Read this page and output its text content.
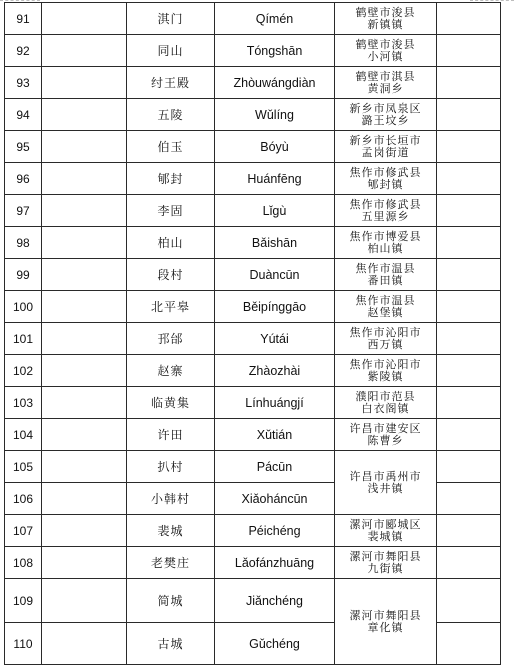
91		淇门	Qímén	鹤壁市浚县
新镇镇	

92		同山	Tóngshān	鹤壁市浚县
小河镇	

93		纣王殿	Zhòuwángdiàn	鹤壁市淇县
黄洞乡	

94		五陵	Wǔlíng	新乡市凤泉区
潞王坟乡	

95		伯玉	Bóyù	新乡市长垣市
孟岗街道	

96		郇封	Huánfēng	焦作市修武县
郇封镇	

97		李固	Lǐgù	焦作市修武县
五里源乡	

98		柏山	Bǎishān	焦作市博爱县
柏山镇	

99		段村	Duàncūn	焦作市温县
番田镇	

100		北平皋	Běipínggāo	焦作市温县
赵堡镇	

101		邘邰	Yútái	焦作市沁阳市
西万镇	

102		赵寨	Zhàozhài	焦作市沁阳市
紫陵镇	

103		临黄集	Línhuángjí	濮阳市范县
白衣阁镇	

104		许田	Xǔtián	许昌市建安区
陈曹乡	

105		扒村	Pácūn	许昌市禹州市
浅井镇	

106		小韩村	Xiǎoháncūn		
107		裴城	Péichéng	漯河市郾城区
裴城镇	

108		老樊庄	Lǎofánzhuāng	漯河市舞阳县
九街镇	

109		简城	Jiǎnchéng	漯河市舞阳县
章化镇	

110		古城	Gǔchéng		
